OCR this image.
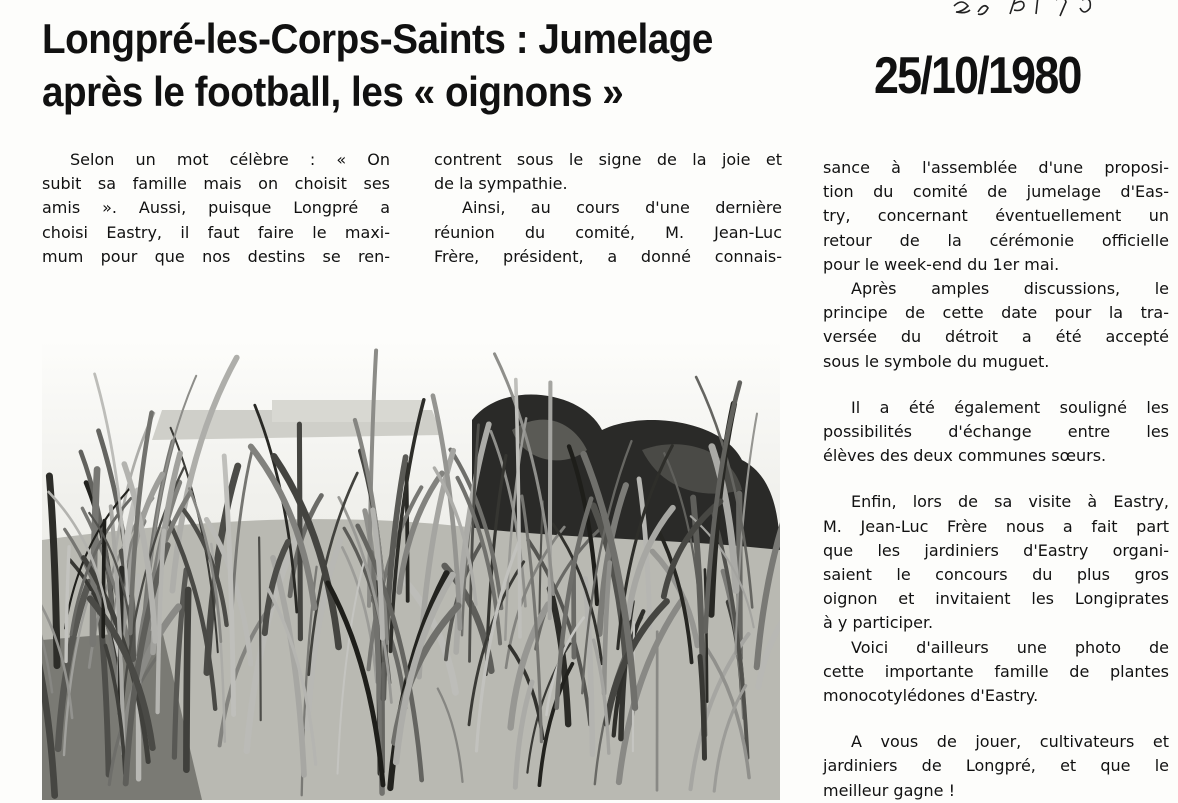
Longpré-les-Corps-Saints : Jumelage
après le football, les « oignons »	25/10/1980
Selon un mot célèbre : « On
subit sa famille mais on choisit ses
amis ». Aussi, puisque Longpré a
choisi Eastry, il faut faire le maxi-
mum pour que nos destins se ren-
contrent sous le signe de la joie et
de la sympathie.
Ainsi, au cours d'une dernière
réunion du comité, M. Jean-Luc
Frère, président, a donné connais-
sance à l'assemblée d'une proposi-
tion du comité de jumelage d'Eas-
try, concernant éventuellement un
retour de la cérémonie officielle
pour le week-end du 1er mai.
Après amples discussions, le
principe de cette date pour la tra-
versée du détroit a été accepté
sous le symbole du muguet.
Il a été également souligné les
possibilités d'échange entre les
élèves des deux communes sœurs.
Enfin, lors de sa visite à Eastry,
M. Jean-Luc Frère nous a fait part
que les jardiniers d'Eastry organi-
saient le concours du plus gros
oignon et invitaient les Longiprates
à y participer.
Voici d'ailleurs une photo de
cette importante famille de plantes
monocotylédones d'Eastry.
A vous de jouer, cultivateurs et
jardiniers de Longpré, et que le
meilleur gagne !
